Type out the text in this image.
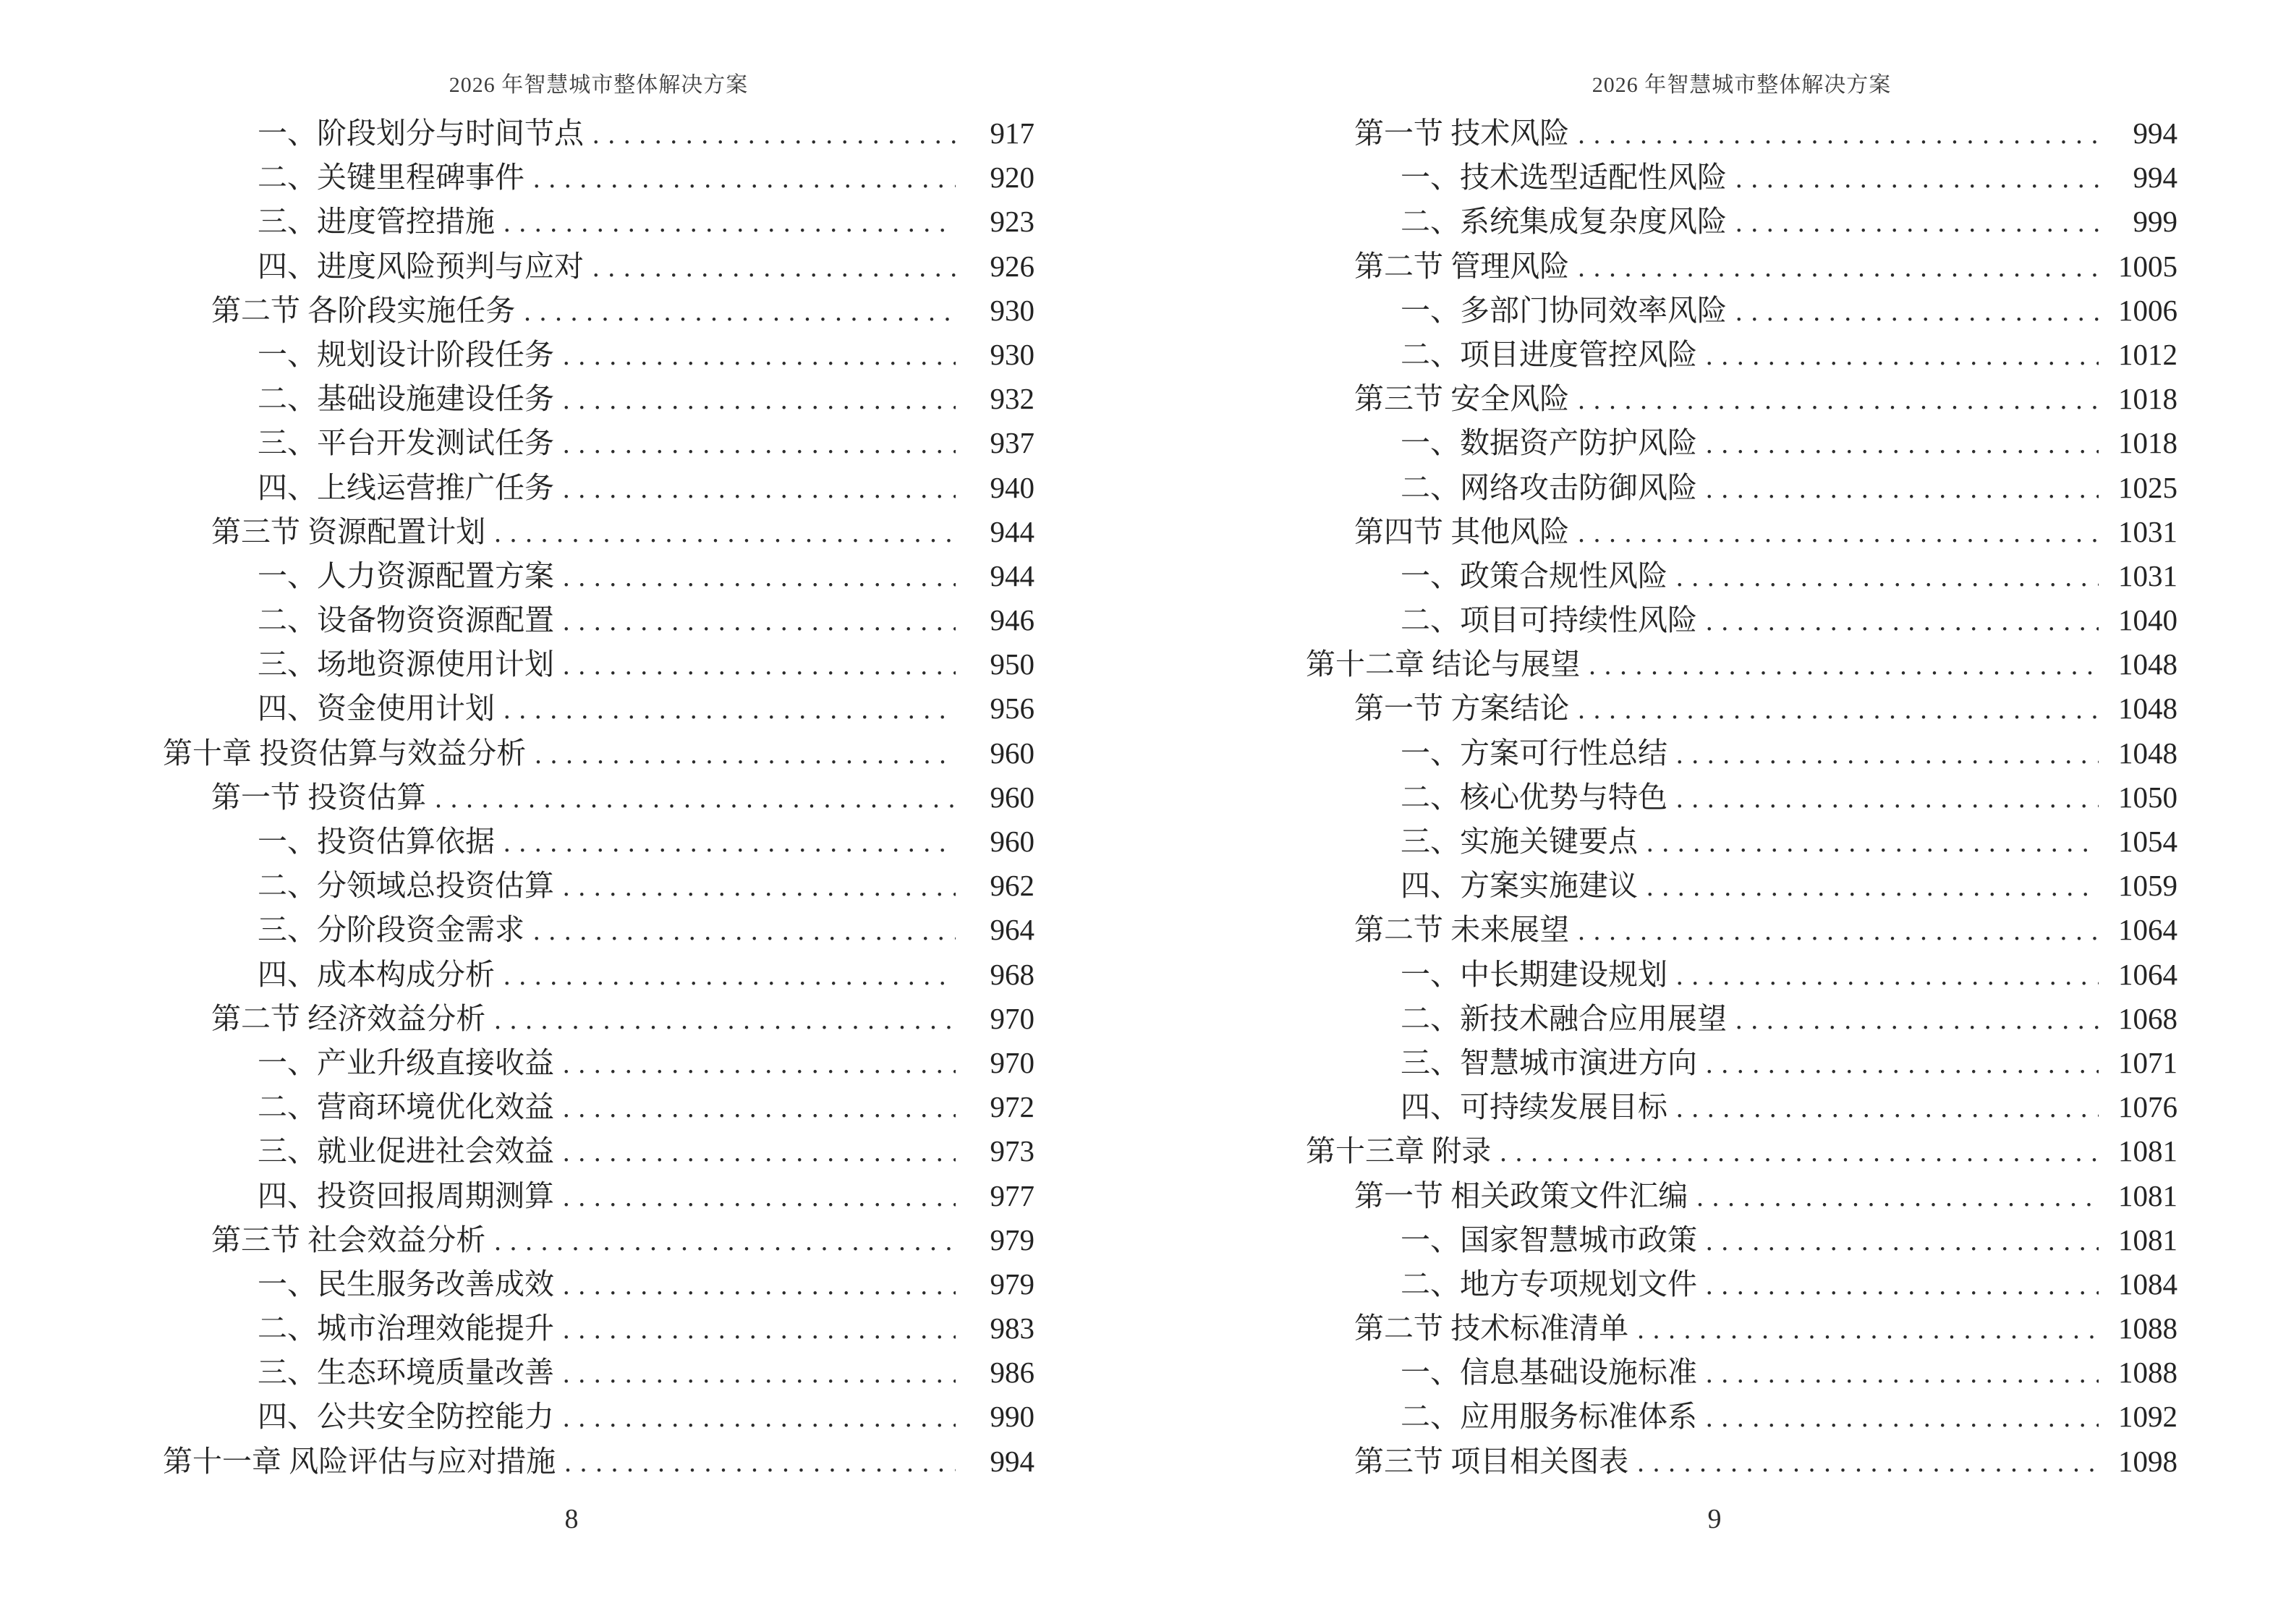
2026 年智慧城市整体解决方案
一、阶段划分与时间节点 .....	917
二、关键里程碑事件 .....	920
三、进度管控措施 .....	923
四、进度风险预判与应对 .....	926
第二节 各阶段实施任务 .....	930
一、规划设计阶段任务 .....	930
二、基础设施建设任务 .....	932
三、平台开发测试任务 .....	937
四、上线运营推广任务 .....	940
第三节 资源配置计划 .....	944
一、人力资源配置方案 .....	944
二、设备物资资源配置 .....	946
三、场地资源使用计划 .....	950
四、资金使用计划 .....	956
第十章 投资估算与效益分析 .....	960
第一节 投资估算 .....	960
一、投资估算依据 .....	960
二、分领域总投资估算 .....	962
三、分阶段资金需求 .....	964
四、成本构成分析 .....	968
第二节 经济效益分析 .....	970
一、产业升级直接收益 .....	970
二、营商环境优化效益 .....	972
三、就业促进社会效益 .....	973
四、投资回报周期测算 .....	977
第三节 社会效益分析 .....	979
一、民生服务改善成效 .....	979
二、城市治理效能提升 .....	983
三、生态环境质量改善 .....	986
四、公共安全防控能力 .....	990
第十一章 风险评估与应对措施 .....	994
8
2026 年智慧城市整体解决方案
第一节 技术风险 .....	994
一、技术选型适配性风险 .....	994
二、系统集成复杂度风险 .....	999
第二节 管理风险 .....	1005
一、多部门协同效率风险 .....	1006
二、项目进度管控风险 .....	1012
第三节 安全风险 .....	1018
一、数据资产防护风险 .....	1018
二、网络攻击防御风险 .....	1025
第四节 其他风险 .....	1031
一、政策合规性风险 .....	1031
二、项目可持续性风险 .....	1040
第十二章 结论与展望 .....	1048
第一节 方案结论 .....	1048
一、方案可行性总结 .....	1048
二、核心优势与特色 .....	1050
三、实施关键要点 .....	1054
四、方案实施建议 .....	1059
第二节 未来展望 .....	1064
一、中长期建设规划 .....	1064
二、新技术融合应用展望 .....	1068
三、智慧城市演进方向 .....	1071
四、可持续发展目标 .....	1076
第十三章 附录 .....	1081
第一节 相关政策文件汇编 .....	1081
一、国家智慧城市政策 .....	1081
二、地方专项规划文件 .....	1084
第二节 技术标准清单 .....	1088
一、信息基础设施标准 .....	1088
二、应用服务标准体系 .....	1092
第三节 项目相关图表 .....	1098
9
